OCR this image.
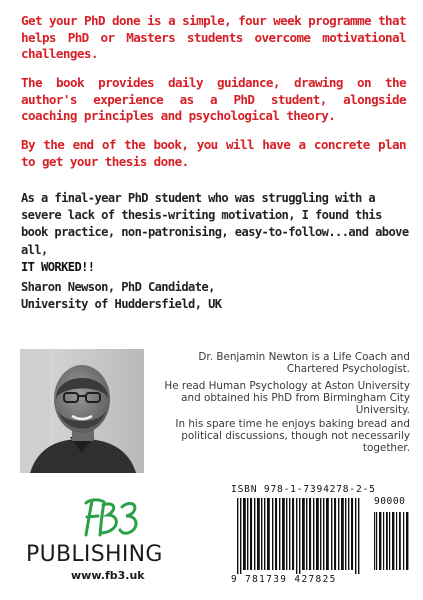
Get your PhD done is a simple, four week programme that helps PhD or Masters students overcome motivational challenges.

The book provides daily guidance, drawing on the author's experience as a PhD student, alongside coaching principles and psychological theory.

By the end of the book, you will have a concrete plan to get your thesis done.

As a final-year PhD student who was struggling with a severe lack of thesis-writing motivation, I found this book practice, non-patronising, easy-to-follow...and above all,
IT WORKED!!

Sharon Newson, PhD Candidate,

University of Huddersfield, UK

Dr. Benjamin Newton is a Life Coach and Chartered Psychologist.

He read Human Psychology at Aston University and obtained his PhD from Birmingham City University.

In his spare time he enjoys baking bread and political discussions, though not necessarily together.

PUBLISHING
www.fb3.uk
ISBN 978-1-7394278-2-5
90000
9 781739 427825
